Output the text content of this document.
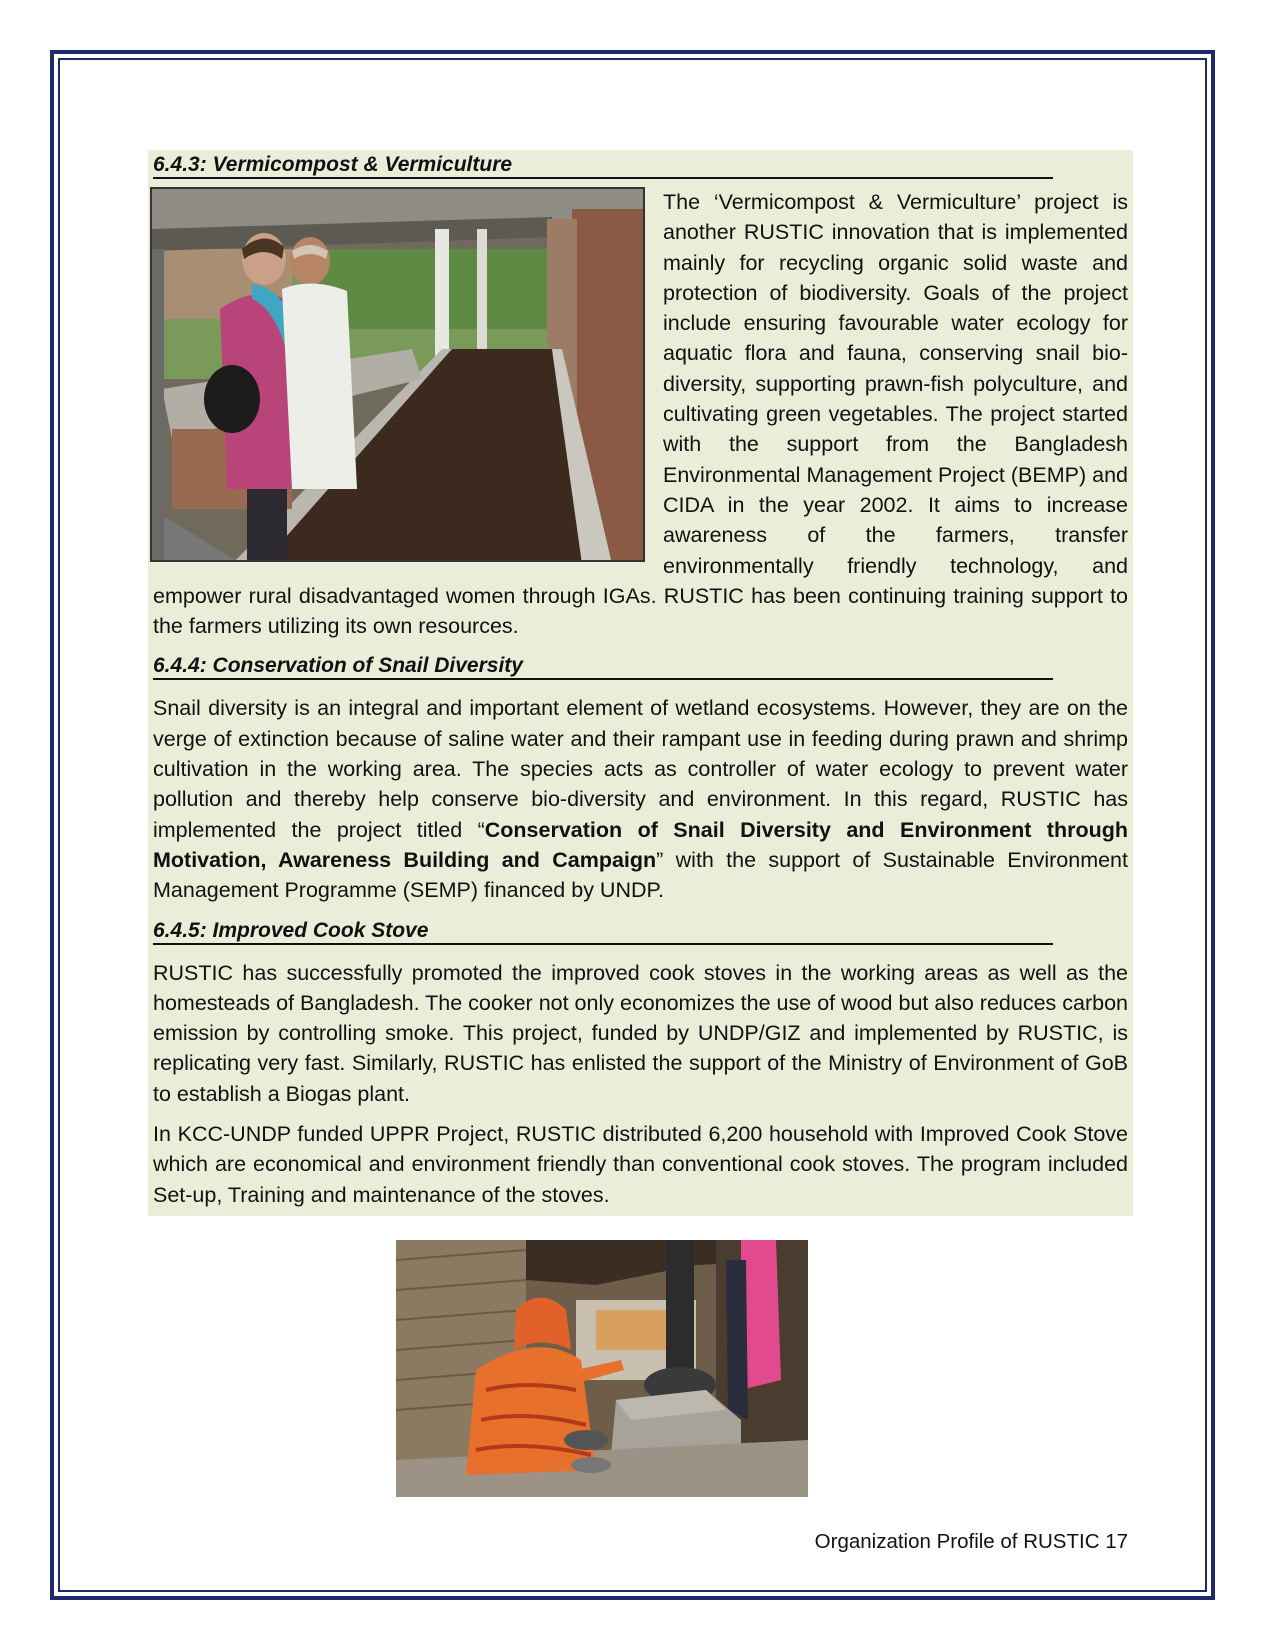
6.4.3: Vermicompost & Vermiculture

The ‘Vermicompost & Vermiculture’ project is another RUSTIC innovation that is implemented mainly for recycling organic solid waste and protection of biodiversity. Goals of the project include ensuring favourable water ecology for aquatic flora and fauna, conserving snail bio-diversity, supporting prawn-fish polyculture, and cultivating green vegetables. The project started with the support from the Bangladesh Environmental Management Project (BEMP) and CIDA in the year 2002. It aims to increase awareness of the farmers, transfer environmentally friendly technology, and empower rural disadvantaged women through IGAs. RUSTIC has been continuing training support to the farmers utilizing its own resources.

6.4.4: Conservation of Snail Diversity

Snail diversity is an integral and important element of wetland ecosystems. However, they are on the verge of extinction because of saline water and their rampant use in feeding during prawn and shrimp cultivation in the working area. The species acts as controller of water ecology to prevent water pollution and thereby help conserve bio-diversity and environment. In this regard, RUSTIC has implemented the project titled “Conservation of Snail Diversity and Environment through Motivation, Awareness Building and Campaign” with the support of Sustainable Environment Management Programme (SEMP) financed by UNDP.

6.4.5: Improved Cook Stove

RUSTIC has successfully promoted the improved cook stoves in the working areas as well as the homesteads of Bangladesh. The cooker not only economizes the use of wood but also reduces carbon emission by controlling smoke. This project, funded by UNDP/GIZ and implemented by RUSTIC, is replicating very fast. Similarly, RUSTIC has enlisted the support of the Ministry of Environment of GoB to establish a Biogas plant.

In KCC-UNDP funded UPPR Project, RUSTIC distributed 6,200 household with Improved Cook Stove which are economical and environment friendly than conventional cook stoves. The program included Set-up, Training and maintenance of the stoves.

Organization Profile of RUSTIC 17
